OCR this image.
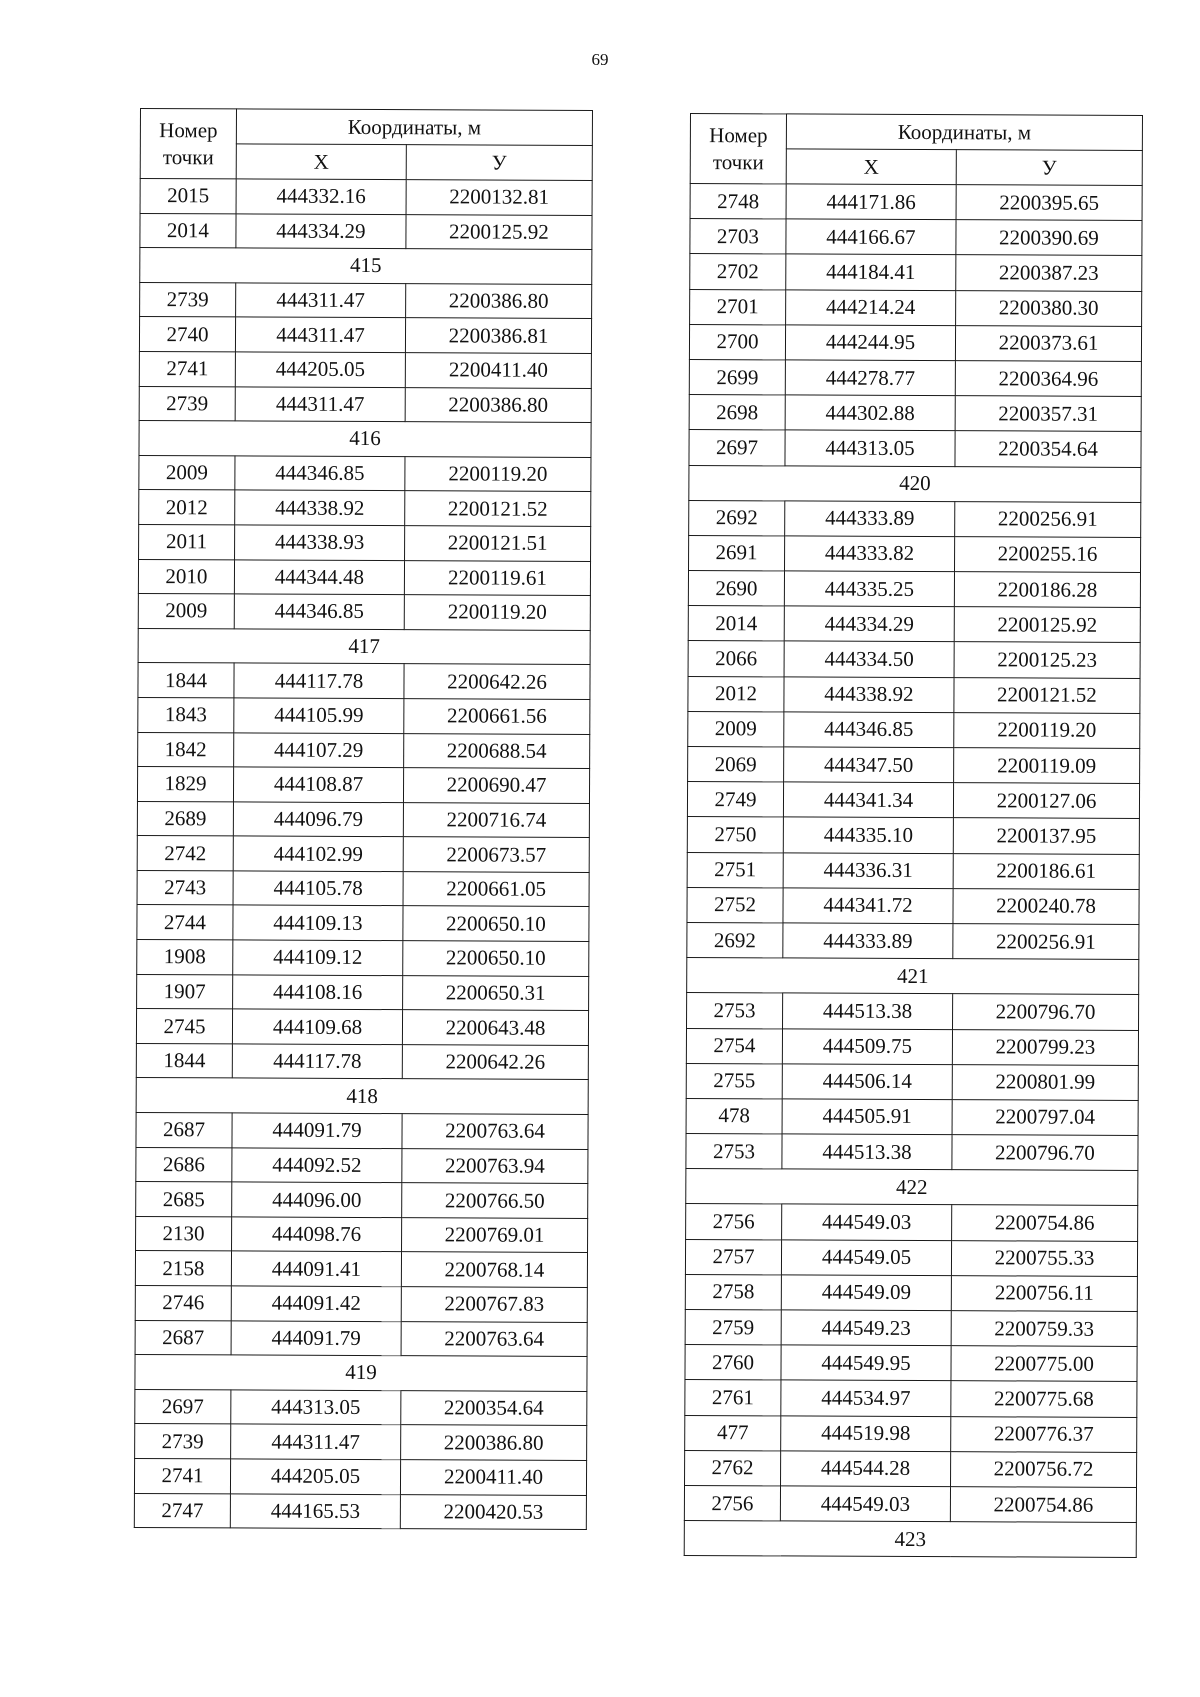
69
Номер
точки	Координаты, м	
	Х	У
2015	444332.16	2200132.81
2014	444334.29	2200125.92
415		
2739	444311.47	2200386.80
2740	444311.47	2200386.81
2741	444205.05	2200411.40
2739	444311.47	2200386.80
416		
2009	444346.85	2200119.20
2012	444338.92	2200121.52
2011	444338.93	2200121.51
2010	444344.48	2200119.61
2009	444346.85	2200119.20
417		
1844	444117.78	2200642.26
1843	444105.99	2200661.56
1842	444107.29	2200688.54
1829	444108.87	2200690.47
2689	444096.79	2200716.74
2742	444102.99	2200673.57
2743	444105.78	2200661.05
2744	444109.13	2200650.10
1908	444109.12	2200650.10
1907	444108.16	2200650.31
2745	444109.68	2200643.48
1844	444117.78	2200642.26
418		
2687	444091.79	2200763.64
2686	444092.52	2200763.94
2685	444096.00	2200766.50
2130	444098.76	2200769.01
2158	444091.41	2200768.14
2746	444091.42	2200767.83
2687	444091.79	2200763.64
419		
2697	444313.05	2200354.64
2739	444311.47	2200386.80
2741	444205.05	2200411.40
2747	444165.53	2200420.53
Номер
точки	Координаты, м	
	Х	У
2748	444171.86	2200395.65
2703	444166.67	2200390.69
2702	444184.41	2200387.23
2701	444214.24	2200380.30
2700	444244.95	2200373.61
2699	444278.77	2200364.96
2698	444302.88	2200357.31
2697	444313.05	2200354.64
420		
2692	444333.89	2200256.91
2691	444333.82	2200255.16
2690	444335.25	2200186.28
2014	444334.29	2200125.92
2066	444334.50	2200125.23
2012	444338.92	2200121.52
2009	444346.85	2200119.20
2069	444347.50	2200119.09
2749	444341.34	2200127.06
2750	444335.10	2200137.95
2751	444336.31	2200186.61
2752	444341.72	2200240.78
2692	444333.89	2200256.91
421		
2753	444513.38	2200796.70
2754	444509.75	2200799.23
2755	444506.14	2200801.99
478	444505.91	2200797.04
2753	444513.38	2200796.70
422		
2756	444549.03	2200754.86
2757	444549.05	2200755.33
2758	444549.09	2200756.11
2759	444549.23	2200759.33
2760	444549.95	2200775.00
2761	444534.97	2200775.68
477	444519.98	2200776.37
2762	444544.28	2200756.72
2756	444549.03	2200754.86
423		
